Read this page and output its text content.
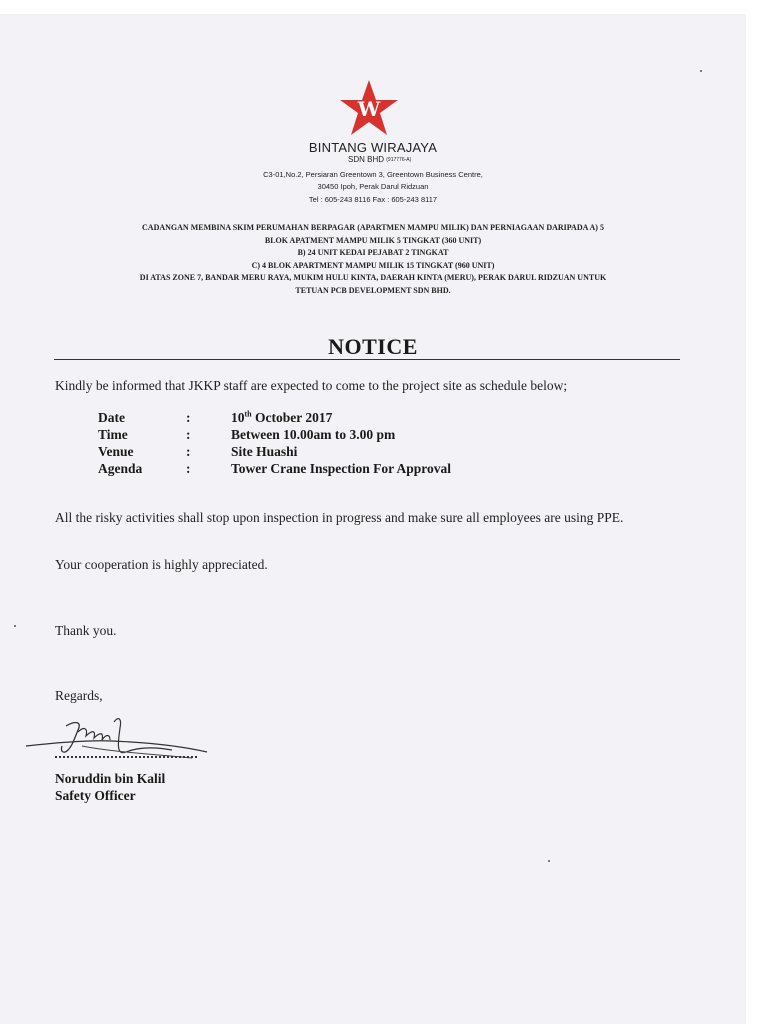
W
BINTANG WIRAJAYA
SDN BHD (917776-A)
C3-01,No.2, Persiaran Greentown 3, Greentown Business Centre,
30450 Ipoh, Perak Darul Ridzuan
Tel : 605-243 8116 Fax : 605-243 8117
CADANGAN MEMBINA SKIM PERUMAHAN BERPAGAR (APARTMEN MAMPU MILIK) DAN PERNIAGAAN DARIPADA A) 5
BLOK APATMENT MAMPU MILIK 5 TINGKAT (360 UNIT)
B) 24 UNIT KEDAI PEJABAT 2 TINGKAT
C) 4 BLOK APARTMENT MAMPU MILIK 15 TINGKAT (960 UNIT)
DI ATAS ZONE 7, BANDAR MERU RAYA, MUKIM HULU KINTA, DAERAH KINTA (MERU), PERAK DARUL RIDZUAN UNTUK
TETUAN PCB DEVELOPMENT SDN BHD.
NOTICE
Kindly be informed that JKKP staff are expected to come to the project site as schedule below;
Date	:	10th October 2017
Time	:	Between 10.00am to 3.00 pm
Venue	:	Site Huashi
Agenda	:	Tower Crane Inspection For Approval
All the risky activities shall stop upon inspection in progress and make sure all employees are using PPE.
Your cooperation is highly appreciated.
Thank you.
Regards,
Noruddin bin Kalil
Safety Officer
